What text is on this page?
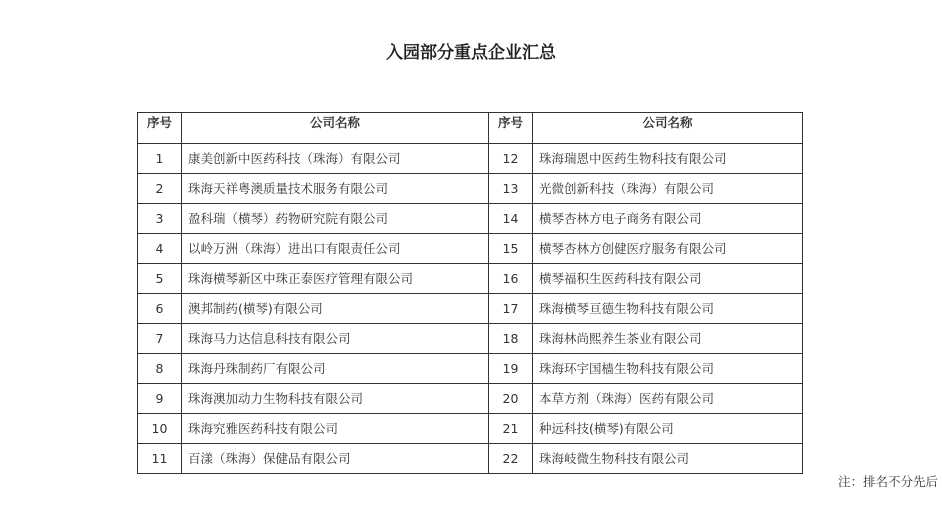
入园部分重点企业汇总
序号	公司名称	序号	公司名称
1	康美创新中医药科技（珠海）有限公司	12	珠海瑞恩中医药生物科技有限公司
2	珠海天祥粤澳质量技术服务有限公司	13	光微创新科技（珠海）有限公司
3	盈科瑞（横琴）药物研究院有限公司	14	横琴杏林方电子商务有限公司
4	以岭万洲（珠海）进出口有限责任公司	15	横琴杏林方创健医疗服务有限公司
5	珠海横琴新区中珠正泰医疗管理有限公司	16	横琴福积生医药科技有限公司
6	澳邦制药(横琴)有限公司	17	珠海横琴亘德生物科技有限公司
7	珠海马力达信息科技有限公司	18	珠海林尚熙养生茶业有限公司
8	珠海丹珠制药厂有限公司	19	珠海环宇国樯生物科技有限公司
9	珠海澳加动力生物科技有限公司	20	本草方剂（珠海）医药有限公司
10	珠海究雅医药科技有限公司	21	种远科技(横琴)有限公司
11	百漾（珠海）保健品有限公司	22	珠海岐微生物科技有限公司
注：排名不分先后
